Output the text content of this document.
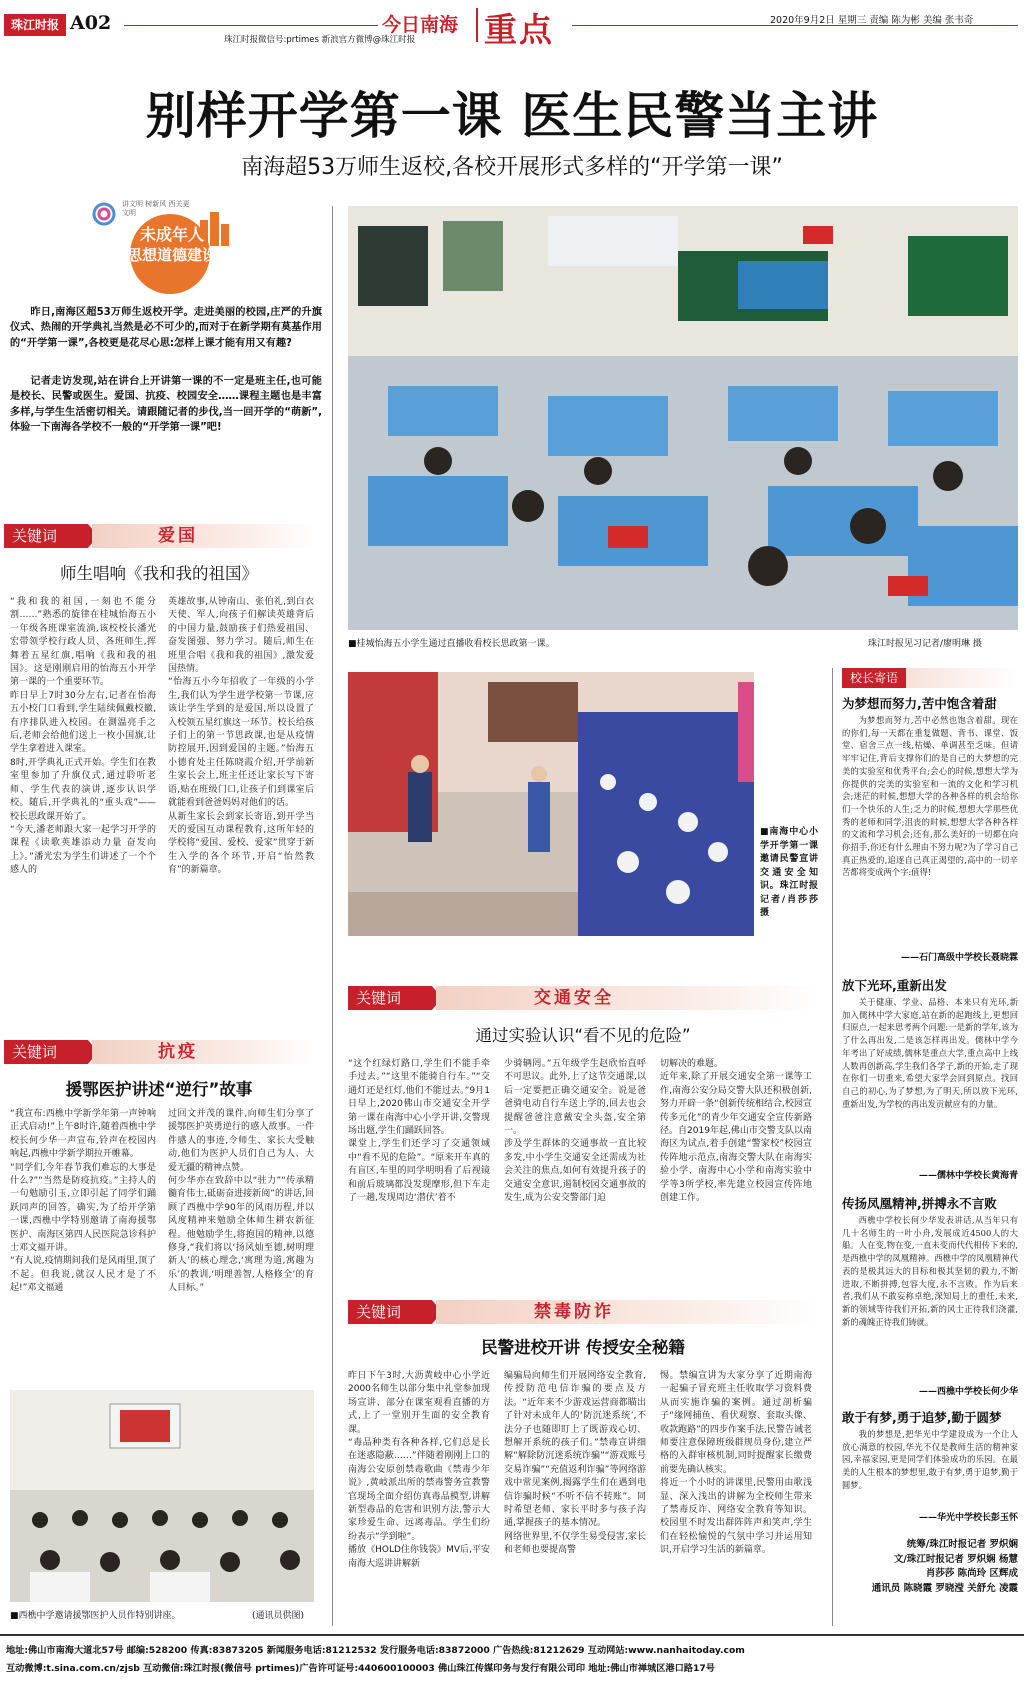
珠江时报 A02
珠江时报微信号:prtimes 新浪官方微博@珠江时报
今日南海 重点	2020年9月2日 星期三 责编 陈为彬 美编 张韦奇
别样开学第一课 医生民警当主讲
南海超53万师生返校,各校开展形式多样的“开学第一课”
讲文明 树新风 西关更 文明
未成年人
思想道德建设
昨日,南海区超53万师生返校开学。走进美丽的校园,庄严的升旗仪式、热闹的开学典礼当然是必不可少的,而对于在新学期有莫基作用的“开学第一课”,各校更是花尽心思:怎样上课才能有用又有趣?
记者走访发现,站在讲台上开讲第一课的不一定是班主任,也可能是校长、民警或医生。爱国、抗疫、校园安全……课程主题也是丰富多样,与学生生活密切相关。请跟随记者的步伐,当一回开学的“萌新”,体验一下南海各学校不一般的“开学第一课”吧!
■桂城怡海五小学生通过直播收看校长思政第一课。	珠江时报见习记者/廖明琳 摄
关键词	爱国
师生唱响《我和我的祖国》
“我和我的祖国,一刻也不能分割……”熟悉的旋律在桂城怡海五小一年级各班课室流淌,该校校长潘光宏带领学校行政人员、各班师生,挥舞着五星红旗,唱响《我和我的祖国》。这是刚刚启用的怡海五小开学第一课的一个重要环节。
昨日早上7时30分左右,记者在怡海五小校门口看到,学生陆续佩戴校徽,有序排队进入校园。在測温亮手之后,老师会给他们送上一枚小国旗,让学生拿着进入课室。
8时,开学典礼正式开始。学生们在教室里参加了升旗仪式,通过聆听老师、学生代表的演讲,逐步认识学校。随后,开学典礼的“重头戏”——校长思政课开始了。
“今天,潘老师跟大家一起学习开学的课程《读歌英雄添动力量 奋发向上》。”潘光宏为学生们讲述了一个个感人的
英雄故事,从钟南山、张伯礼,到白衣天使、军人,向孩子们解读英雄背后的中国力量,鼓励孩子们热爱祖国、奋发图强、努力学习。随后,师生在班里合唱《我和我的祖国》,激发爱国热情。
“怡海五小今年招收了一年级的小学生,我们认为学生进学校第一节课,应该让学生学到的是爱国,所以设置了入校领五星红旗这一环节。校长给孩子们上的第一节思政课,也是从疫情防控展开,因到爱国的主题。”怡海五小德育处主任陈晓霞介绍,开学前新生家长会上,班主任还让家长写下寄语,贴在班级门口,让孩子们到课室后就能看到爸爸妈妈对他们的话。
从新生家长会到家长寄语,到开学当天的爱国互动课程教育,这所年轻的学校将“爱国、爱校、爱家”贯穿于新生入学的各个环节,开启“怡然教育”的新篇章。
关键词	抗疫
援鄂医护讲述“逆行”故事
“我宣布:西樵中学新学年第一声钟响正式启动!”上午8时许,随着西樵中学校长何少华一声宣布,铃声在校园内响起,西樵中学新学期拉开帷幕。
“同学们,今年春节我们难忘的大事是什么?”“当然是防疫抗疫。”主持人的一句勉励引玉,立即引起了同学们踊跃同声的回答。确实,为了给开学第一课,西樵中学特别邀请了南海援鄂医护、南海区第四人民医院急诊科护士邓文福开讲。
“有人说,疫情期间我们是风雨里,顶了不起。但我说,就汉人民才是了不起!”邓文福通
过回文并茂的课件,向师生们分享了援鄂医护英勇逆行的感人故事。一件件感人的事迹,令师生、家长大受触动,他们为医护人员们自己为人、大爱无疆的精神点赞。
何少华亦在致辞中以“驻力”“传承精髓育伟士,砥砺奋进接新阅”的讲话,回顾了西樵中学90年的风雨历程,并以风度精神来勉励全体师生耕农新征程。他勉励学生,将抱国的精神,以德修身,“我们将以‘扬风灿至德,树明理新人’的核心理念,‘寓理为道,寓趣为乐’的教训,‘明理善智,人格修全’的育人目标。”
■西樵中学邀请援鄂医护人员作特别讲座。	(通讯员供图)
■南海中心小学开学第一课邀请民警宣讲交通安全知识。珠江时报记者/肖莎莎 摄
关键词	交通安全
通过实验认识“看不见的危险”
“这个红绿灯路口,学生们不能手牵手过去。”“这里不能骑自行车。”“交通灯还是红灯,他们不能过去。”9月1日早上,2020佛山市交通安全开学第一课在南海中心小学开讲,交警现场出题,学生们踊跃回答。
课堂上,学生们还学习了交通领域中“看不见的危险”。“原来开车真的有盲区,车里的同学明明看了后视镜和前后玻璃都没发现摩形,但下车走了一趟,发现周边‘潜伏’着不
少骑辆罔。”五年级学生赵欣怡直呼不可思议。此外,上了这节交通课,以后一定要把正确交通安全。说是爸爸骑电动自行车送上学的,回去也会提醒爸爸注意戴安全头盔,安全第一。
涉及学生群体的交通事故一直比较多发,中小学生交通安全还需成为社会关注的焦点,如何有效提升孩子的交通安全意识,遏制校园交通事故的发生,成为公安交警部门迫
切解决的难题。
近年来,除了开展交通安全第一课等工作,南海公安分局交警大队还积极创新,努力开辟一条“创新传统相结合,校园宣传多元化”的青少年交通安全宣传新路径。自2019年起,佛山市交警支队以南海区为试点,着手创建“警家校”校园宣传阵地示范点,南海交警大队在南海实验小学、南海中心小学和南海实验中学等3所学校,率先建立校园宣传阵地创建工作。
关键词	禁毒防诈
民警进校开讲 传授安全秘籍
昨日下午3时,大沥黄岐中心小学近2000名师生以部分集中礼堂参加现场宣讲、部分在课室观看直播的方式,上了一堂别开生面的安全教育课。
“毒品种类有各种各样,它们总是长在迷惑隐蔽……”伴随着刚刚上口的南海公安原创禁毒歌曲《禁毒少年说》,黄岐派出所的禁毒警务宣教警官现场全面介绍仿真毒品模型,讲解新型毒品的危害和识别方法,警示大家珍爱生命、远离毒品。学生们纷纷表示“学到啦”。
播放《HOLD住你钱袋》MV后,平安南海大巡讲讲解新
编骗局向师生们开展网络安全教育,传授防范电信诈骗的要点及方法。“近年来不少游戏运营商都瞄出了针对未成年人的‘防沉迷系统’,不法分子也随即盯上了既游戏心切、想解开系统的孩子们。”禁毒宣讲细解“解除防沉迷系统诈骗”“游戏账号交易诈骗”“充值返利诈骗”等网络游戏中常见案例,揭露学生们在遇到电信诈骗时候“不听不信不转账”。同时希望老师、家长平时多与孩子沟通,掌握孩子的基本情况。
网络世界里,不仅学生易受侵害,家长和老师也要提高警
惕。禁编宣讲为大家分享了近期南海一起骗子冒充班主任收取学习资料费从而实施诈骗的案例。通过剖析骗子“缘网捕鱼、看伏观察、套取头像、收款跑路”的四步作案手法,民警告诫老师要注意保障班级群规员身份,建立严格的入群审核机制,同时提醒家长缴费前要先确认核实。
将近一个小时的讲课里,民警用由歌浅显、深入浅出的讲解为全校师生带来了禁毒反诈、网络安全教育等知识。校园里不时发出群阵阵声和笑声,学生们在轻松愉悦的气氛中学习并运用知识,开启学习生活的新篇章。
校长寄语
为梦想而努力,苦中饱含着甜
为梦想而努力,苦中必然也饱含着甜。现在的你们,每一天都在重复做题、背书、课堂、饭堂、宿舍三点一线,枯燥、单调甚至乏味。但请牢牢记住,背后支撑你们的是自己的大梦想的完美的实验室和优秀平台;会心的时候,想想大学为你提供的完美的实验室和一流的文化和学习机会;迷茫的时候,想想大学的各种各样的机会给你们一个快乐的人生;乏力的时候,想想大学那些优秀的老师和同学;沮丧的时候,想想大学各种各样的文流和学习机会;还有,那么美好的一切都在向你招手,你还有什么理由不努力呢?为了学习自己真正热爱的,追逐自己真正渴望的,高中的一切辛苦都将变成两个字:值得!
——石门高级中学校长聂晓霖
放下光环,重新出发
关于健康、学业、品格、本来只有光环,新加入儒林中学大家庭,站在新的起跑线上,更想回归原点,一起来思考两个问题:一是新的学年,该为了什么再出发,二是该怎样再出发。儒林中学今年考出了好成绩,儒林是重点大学,重点高中上线人数再创新高,学生我们各学子,新的开始,走了现在你们一切重来,希望大家学会回到原点。找回自己的初心,为了梦想,为了明天,所以放下光环,重新出发,为学校的再出发贡献应有的力量。
——儒林中学校长黄海青
传扬凤凰精神,拼搏永不言败
西樵中学校长何少华发表讲话,从当年只有几十名师生的一叶小舟,发展成近4500人的大船。人在变,物在变,一直未变而代代相传下来的,是西樵中学的凤凰精神。西樵中学的凤凰精神代表的是极其远大的目标和极其坚韧的毅力,不断进取,不断拼搏,包容大度,永不言败。作为后来者,我们从不敢妄称卓绝,深知局上的重任,未来,新的领域等待我们开拓,新的风士正待我们浇灌,新的魂魄正待我们铸就。
——西樵中学校长何少华
敢于有梦,勇于追梦,勤于圆梦
我的梦想是,把华光中学建设成为一个让人放心满意的校园,华光不仅是教师生活的精神家园,幸福家园,更是同学们体验成功的乐园。在最美的人生根本的梦想里,敢于有梦,勇于追梦,勤于圆梦。
——华光中学校长彭玉怀
统筹/珠江时报记者 罗炽娴
文/珠江时报记者 罗炽娴 杨慧
肖莎莎 陈尚玲 区辉成
通讯员 陈晓霞 罗晓滢 关舒允 凌霞
地址:佛山市南海大道北57号 邮编:528200 传真:83873205 新闻服务电话:81212532 发行服务电话:83872000 广告热线:81212629 互动网站:www.nanhaitoday.com
互动微博:t.sina.com.cn/zjsb 互动微信:珠江时报(微信号 prtimes)广告许可证号:440600100003 佛山珠江传媒印务与发行有限公司印 地址:佛山市禅城区港口路17号
